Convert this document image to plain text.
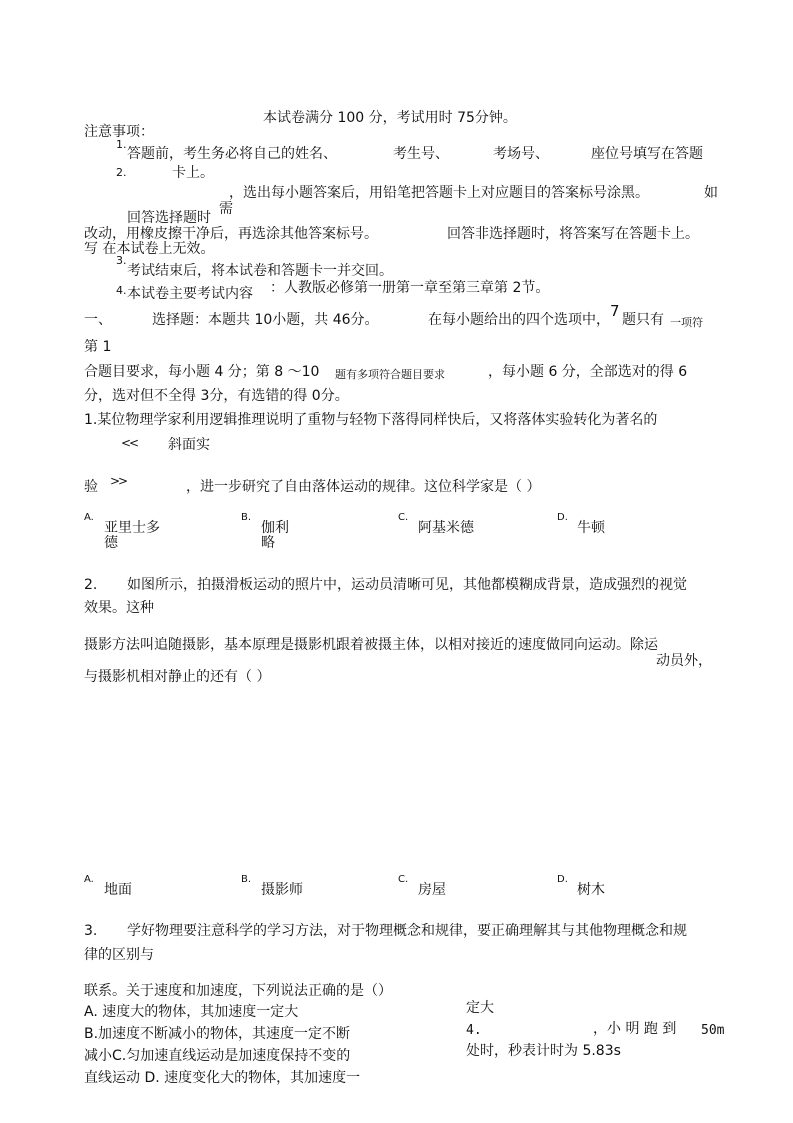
本试卷满分 100 分，考试用时 75分钟。
注意事项：
1.
答题前，考生务必将自己的姓名、	考生号、	考场号、	座位号填写在答题
2.	卡上。
，选出每小题答案后，用铅笔把答题卡上对应题目的答案标号涂黑。	如
回答选择题时
需
改动，用橡皮擦干净后，再选涂其他答案标号。	回答非选择题时，将答案写在答题卡上。
写 在本试卷上无效。
3.
考试结束后，将本试卷和答题卡一并交回。
4. 本试卷主要考试内容 ：人教版必修第一册第一章至第三章第 2节。
一、	选择题：本题共 10小题，共 46分。	在每小题给出的四个选项中， 7 题只有 一项符
第 1
合题目要求，每小题 4 分；第 8 ～10 题有多项符合题目要求	，每小题 6 分，全部选对的得 6
分，选对但不全得 3分，有选错的得 0分。
1.某位物理学家利用逻辑推理说明了重物与轻物下落得同样快后，又将落体实验转化为著名的
<< 斜面实
验 >>	，进一步研究了自由落体运动的规律。这位科学家是（ ）
A.
亚里士多
德
B.
伽利
略
C.
阿基米德
D.
牛顿
2. 如图所示，拍摄滑板运动的照片中，运动员清晰可见，其他都模糊成背景，造成强烈的视觉
效果。这种
摄影方法叫追随摄影，基本原理是摄影机跟着被摄主体，以相对接近的速度做同向运动。除运
动员外，
与摄影机相对静止的还有（ ）
A.
地面
B.
摄影师
C.
房屋
D.
树木
3. 学好物理要注意科学的学习方法，对于物理概念和规律，要正确理解其与其他物理概念和规
律的区别与
联系。关于速度和加速度，下列说法正确的是（）
A. 速度大的物体，其加速度一定大
B.加速度不断减小的物体，其速度一定不断
减小C.匀加速直线运动是加速度保持不变的
直线运动 D. 速度变化大的物体，其加速度一
定大
4.	，小 明 跑 到 50m
处时，秒表计时为 5.83s
